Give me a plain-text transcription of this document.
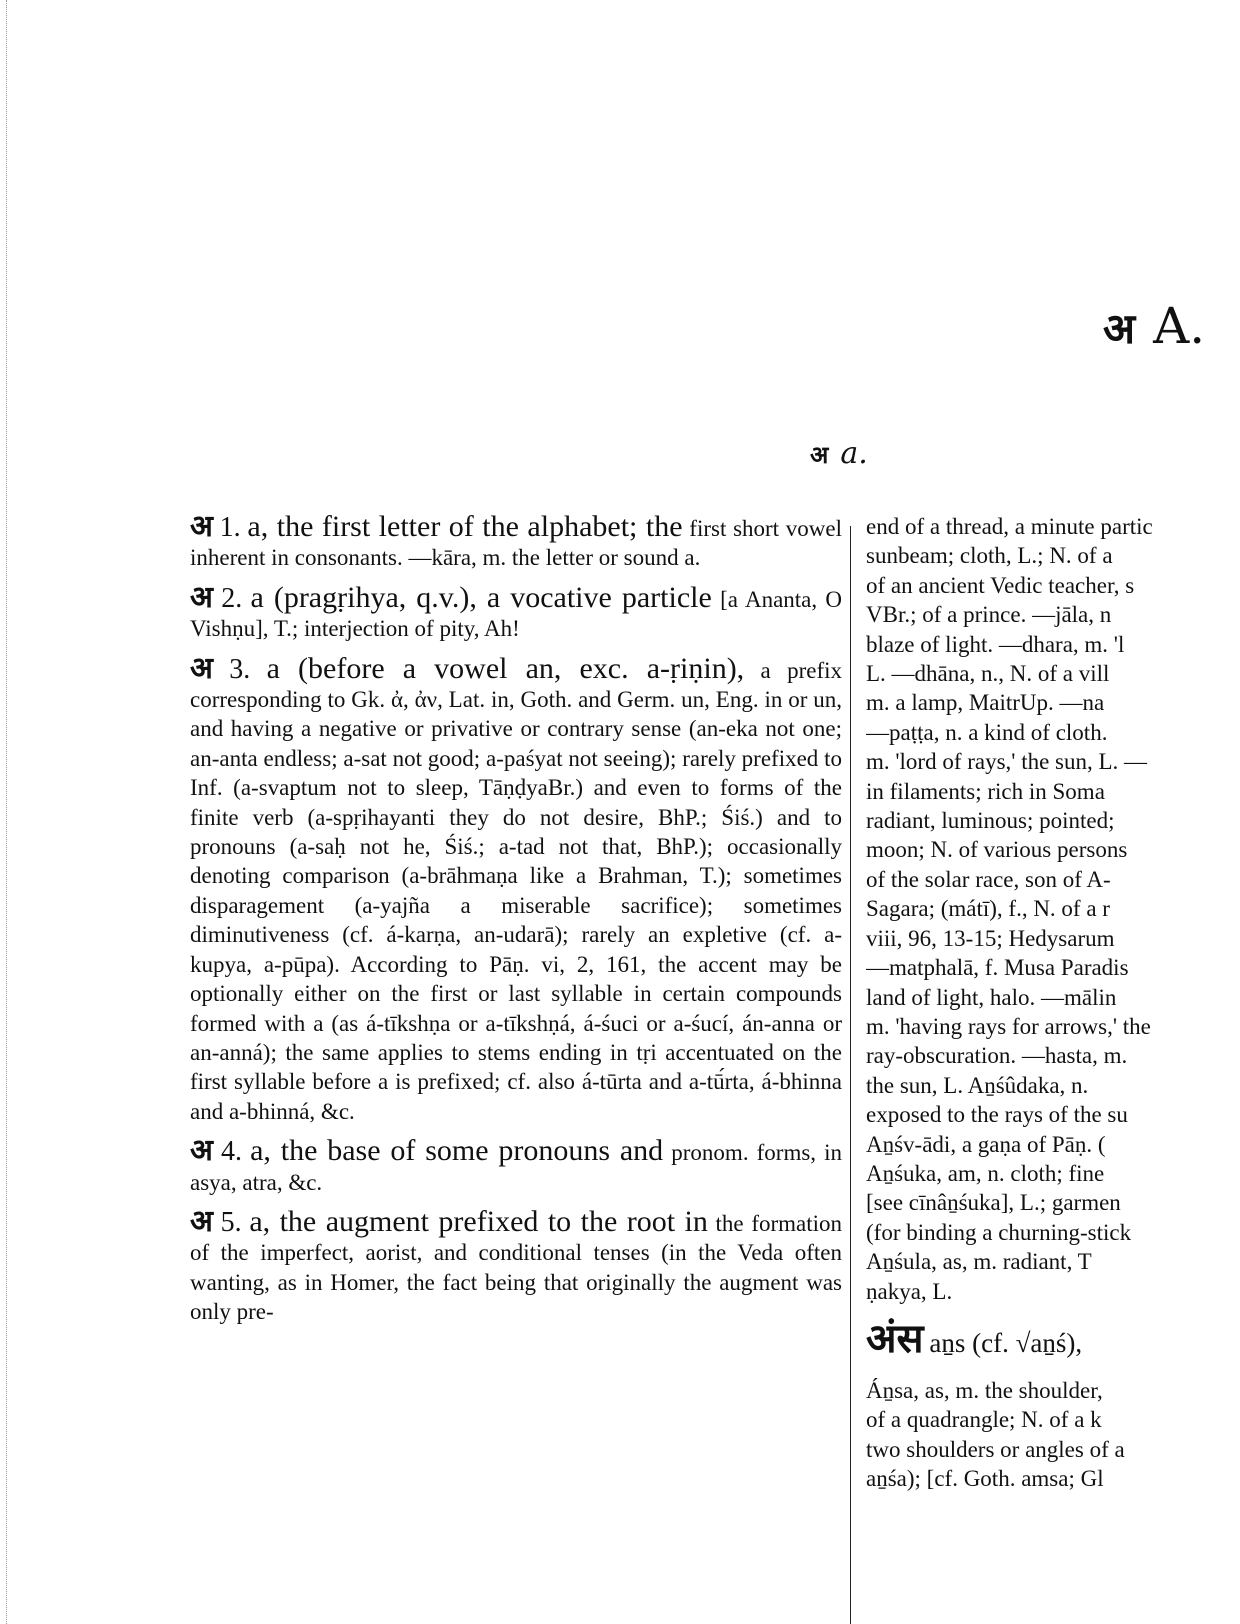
अ A.
अ a.

अ 1. a, the first letter of the alphabet; the first short vowel inherent in consonants. —kāra, m. the letter or sound a.

अ 2. a (pragṛihya, q.v.), a vocative particle [a Ananta, O Vishṇu], T.; interjection of pity, Ah!

अ 3. a (before a vowel an, exc. a-ṛiṇin), a prefix corresponding to Gk. ἀ, ἀν, Lat. in, Goth. and Germ. un, Eng. in or un, and having a negative or privative or contrary sense (an-eka not one; an-anta endless; a-sat not good; a-paśyat not seeing); rarely prefixed to Inf. (a-svaptum not to sleep, TāṇḍyaBr.) and even to forms of the finite verb (a-spṛihayanti they do not desire, BhP.; Śiś.) and to pronouns (a-saḥ not he, Śiś.; a-tad not that, BhP.); occasionally denoting comparison (a-brāhmaṇa like a Brahman, T.); sometimes disparagement (a-yajña a miserable sacrifice); sometimes diminutiveness (cf. á-karṇa, an-udarā); rarely an expletive (cf. a-kupya, a-pūpa). According to Pāṇ. vi, 2, 161, the accent may be optionally either on the first or last syllable in certain compounds formed with a (as á-tīkshṇa or a-tīkshṇá, á-śuci or a-śucí, án-anna or an-anná); the same applies to stems ending in tṛi accentuated on the first syllable before a is prefixed; cf. also á-tūrta and a-tū́rta, á-bhinna and a-bhinná, &c.

अ 4. a, the base of some pronouns and pronom. forms, in asya, atra, &c.

अ 5. a, the augment prefixed to the root in the formation of the imperfect, aorist, and conditional tenses (in the Veda often wanting, as in Homer, the fact being that originally the augment was only pre-

end of a thread, a minute partic
sunbeam; cloth, L.; N. of a
of an ancient Vedic teacher, s
VBr.; of a prince. —jāla, n
blaze of light. —dhara, m. 'l
L. —dhāna, n., N. of a vill
m. a lamp, MaitrUp. —na
—paṭṭa, n. a kind of cloth.
m. 'lord of rays,' the sun, L. —
in filaments; rich in Soma
radiant, luminous; pointed;
moon; N. of various persons
of the solar race, son of A-
Sagara; (mátī), f., N. of a r
viii, 96, 13-15; Hedysarum
—matphalā, f. Musa Paradis
land of light, halo. —mālin
m. 'having rays for arrows,' the
ray-obscuration. —hasta, m.
the sun, L. Aṉśûdaka, n.
exposed to the rays of the su
Aṉśv-ādi, a gaṇa of Pāṇ. (
Aṉśuka, am, n. cloth; fine
[see cīnâṉśuka], L.; garmen
(for binding a churning-stick
Aṉśula, as, m. radiant, T
ṇakya, L.
अंस aṉs (cf. √aṉś),
Áṉsa, as, m. the shoulder,
of a quadrangle; N. of a k
two shoulders or angles of a
aṉśa); [cf. Goth. amsa; Gl
